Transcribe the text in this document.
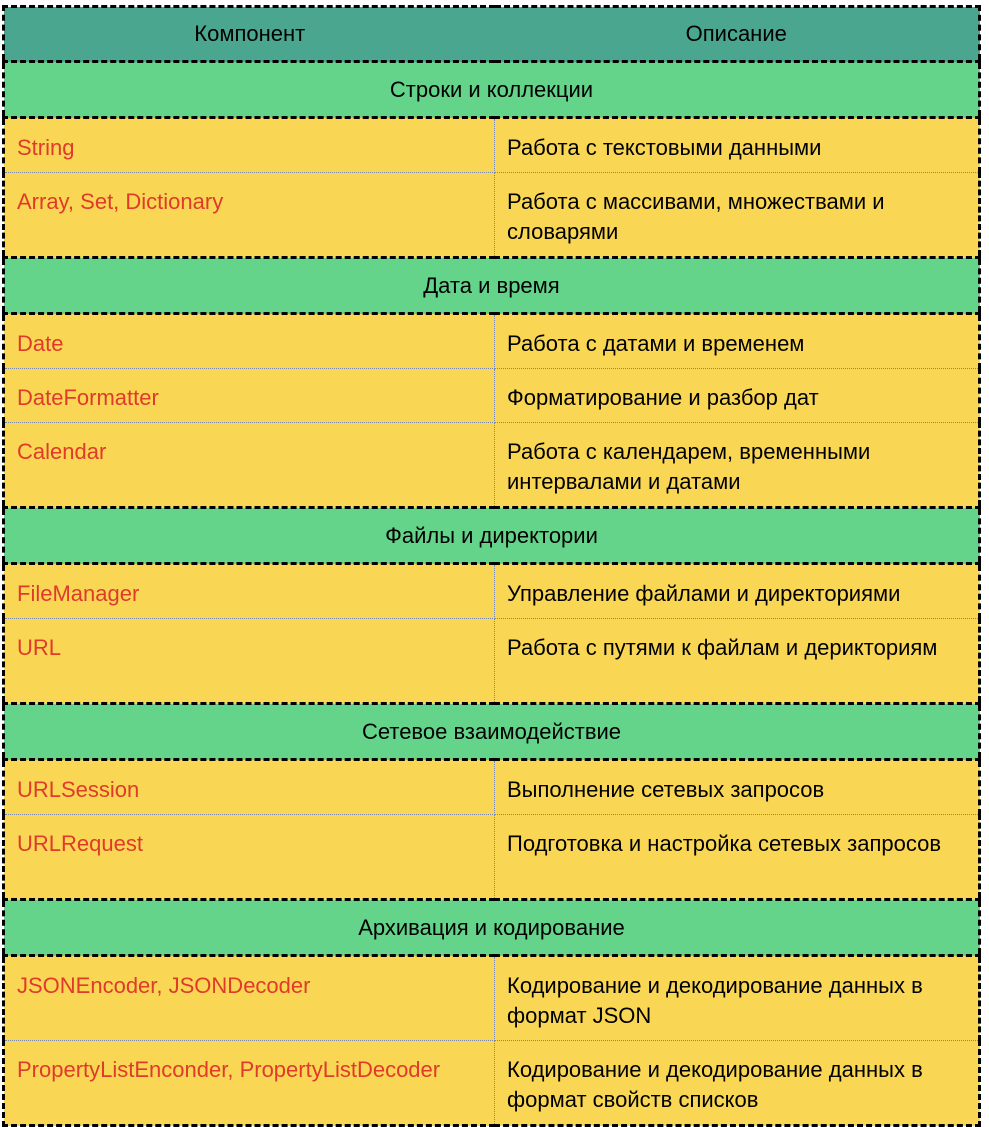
Компонент	Описание
Строки и коллекции	
String	Работа с текстовыми данными
Array, Set, Dictionary	Работа с массивами, множествами и словарями
Дата и время	
Date	Работа с датами и временем
DateFormatter	Форматирование и разбор дат
Calendar	Работа с календарем, временными интервалами и датами
Файлы и директории	
FileManager	Управление файлами и директориями
URL	Работа с путями к файлам и дерикториям
Сетевое взаимодействие	
URLSession	Выполнение сетевых запросов
URLRequest	Подготовка и настройка сетевых запросов
Архивация и кодирование	
JSONEncoder, JSONDecoder	Кодирование и декодирование данных в формат JSON
PropertyListEnconder, PropertyListDecoder	Кодирование и декодирование данных в формат свойств списков
